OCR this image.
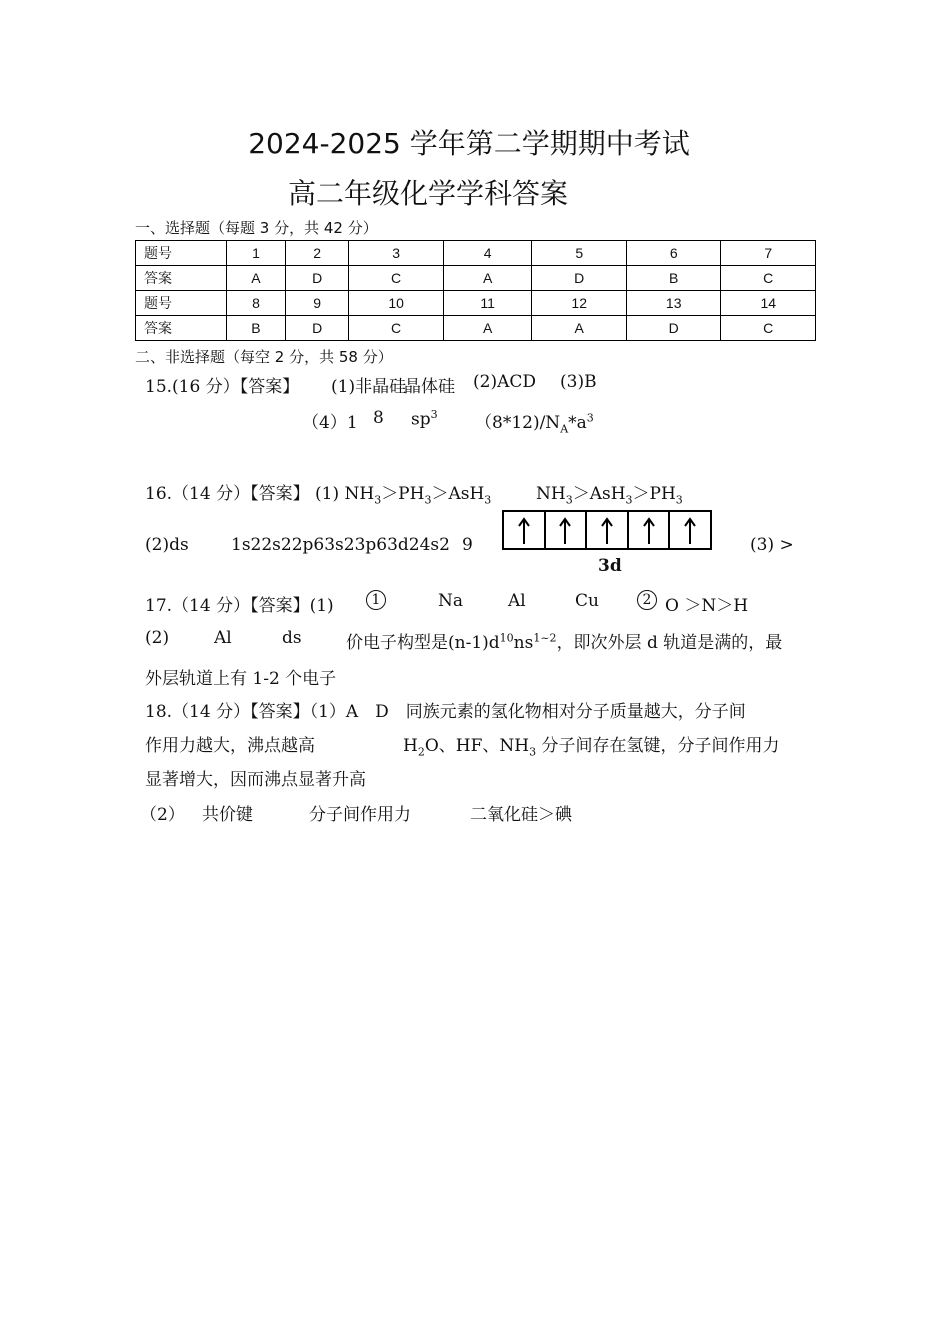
2024-2025 学年第二学期期中考试
高二年级化学学科答案
一、选择题（每题 3 分，共 42 分）
题号	1	2	3	4	5	6	7
答案	A	D	C	A	D	B	C
题号	8	9	10	11	12	13	14
答案	B	D	C	A	A	D	C
二、非选择题（每空 2 分，共 58 分）
15.(16 分）【答案】 (1)非晶硅
晶体硅 (2)ACD (3)B
（4）1 8 $sp^3$ $(8*12)/N_A*a^3$
16.（14 分）【答案】 (1) $NH_3>PH_3>AsH_3$	$NH_3>AsH_3>PH_3$
(2)ds 1s22s22p63s23p63d24s2 9	(3) >
3d
17.（14 分）【答案】(1)	1	Na	Al	Cu	2 O ＞N＞H
(2)	Al	ds	价电子构型是$(n-1)d^{10}ns^{1\sim 2}$，即次外层 d 轨道是满的，最
外层轨道上有 1-2 个电子
18.（14 分）【答案】（1）A　D　同族元素的氢化物相对分子质量越大，分子间
作用力越大，沸点越高	$H_2O$、HF、$NH_3$ 分子间存在氢键，分子间作用力
显著增大，因而沸点显著升高
（2） 共价键	分子间作用力	二氧化硅＞碘
